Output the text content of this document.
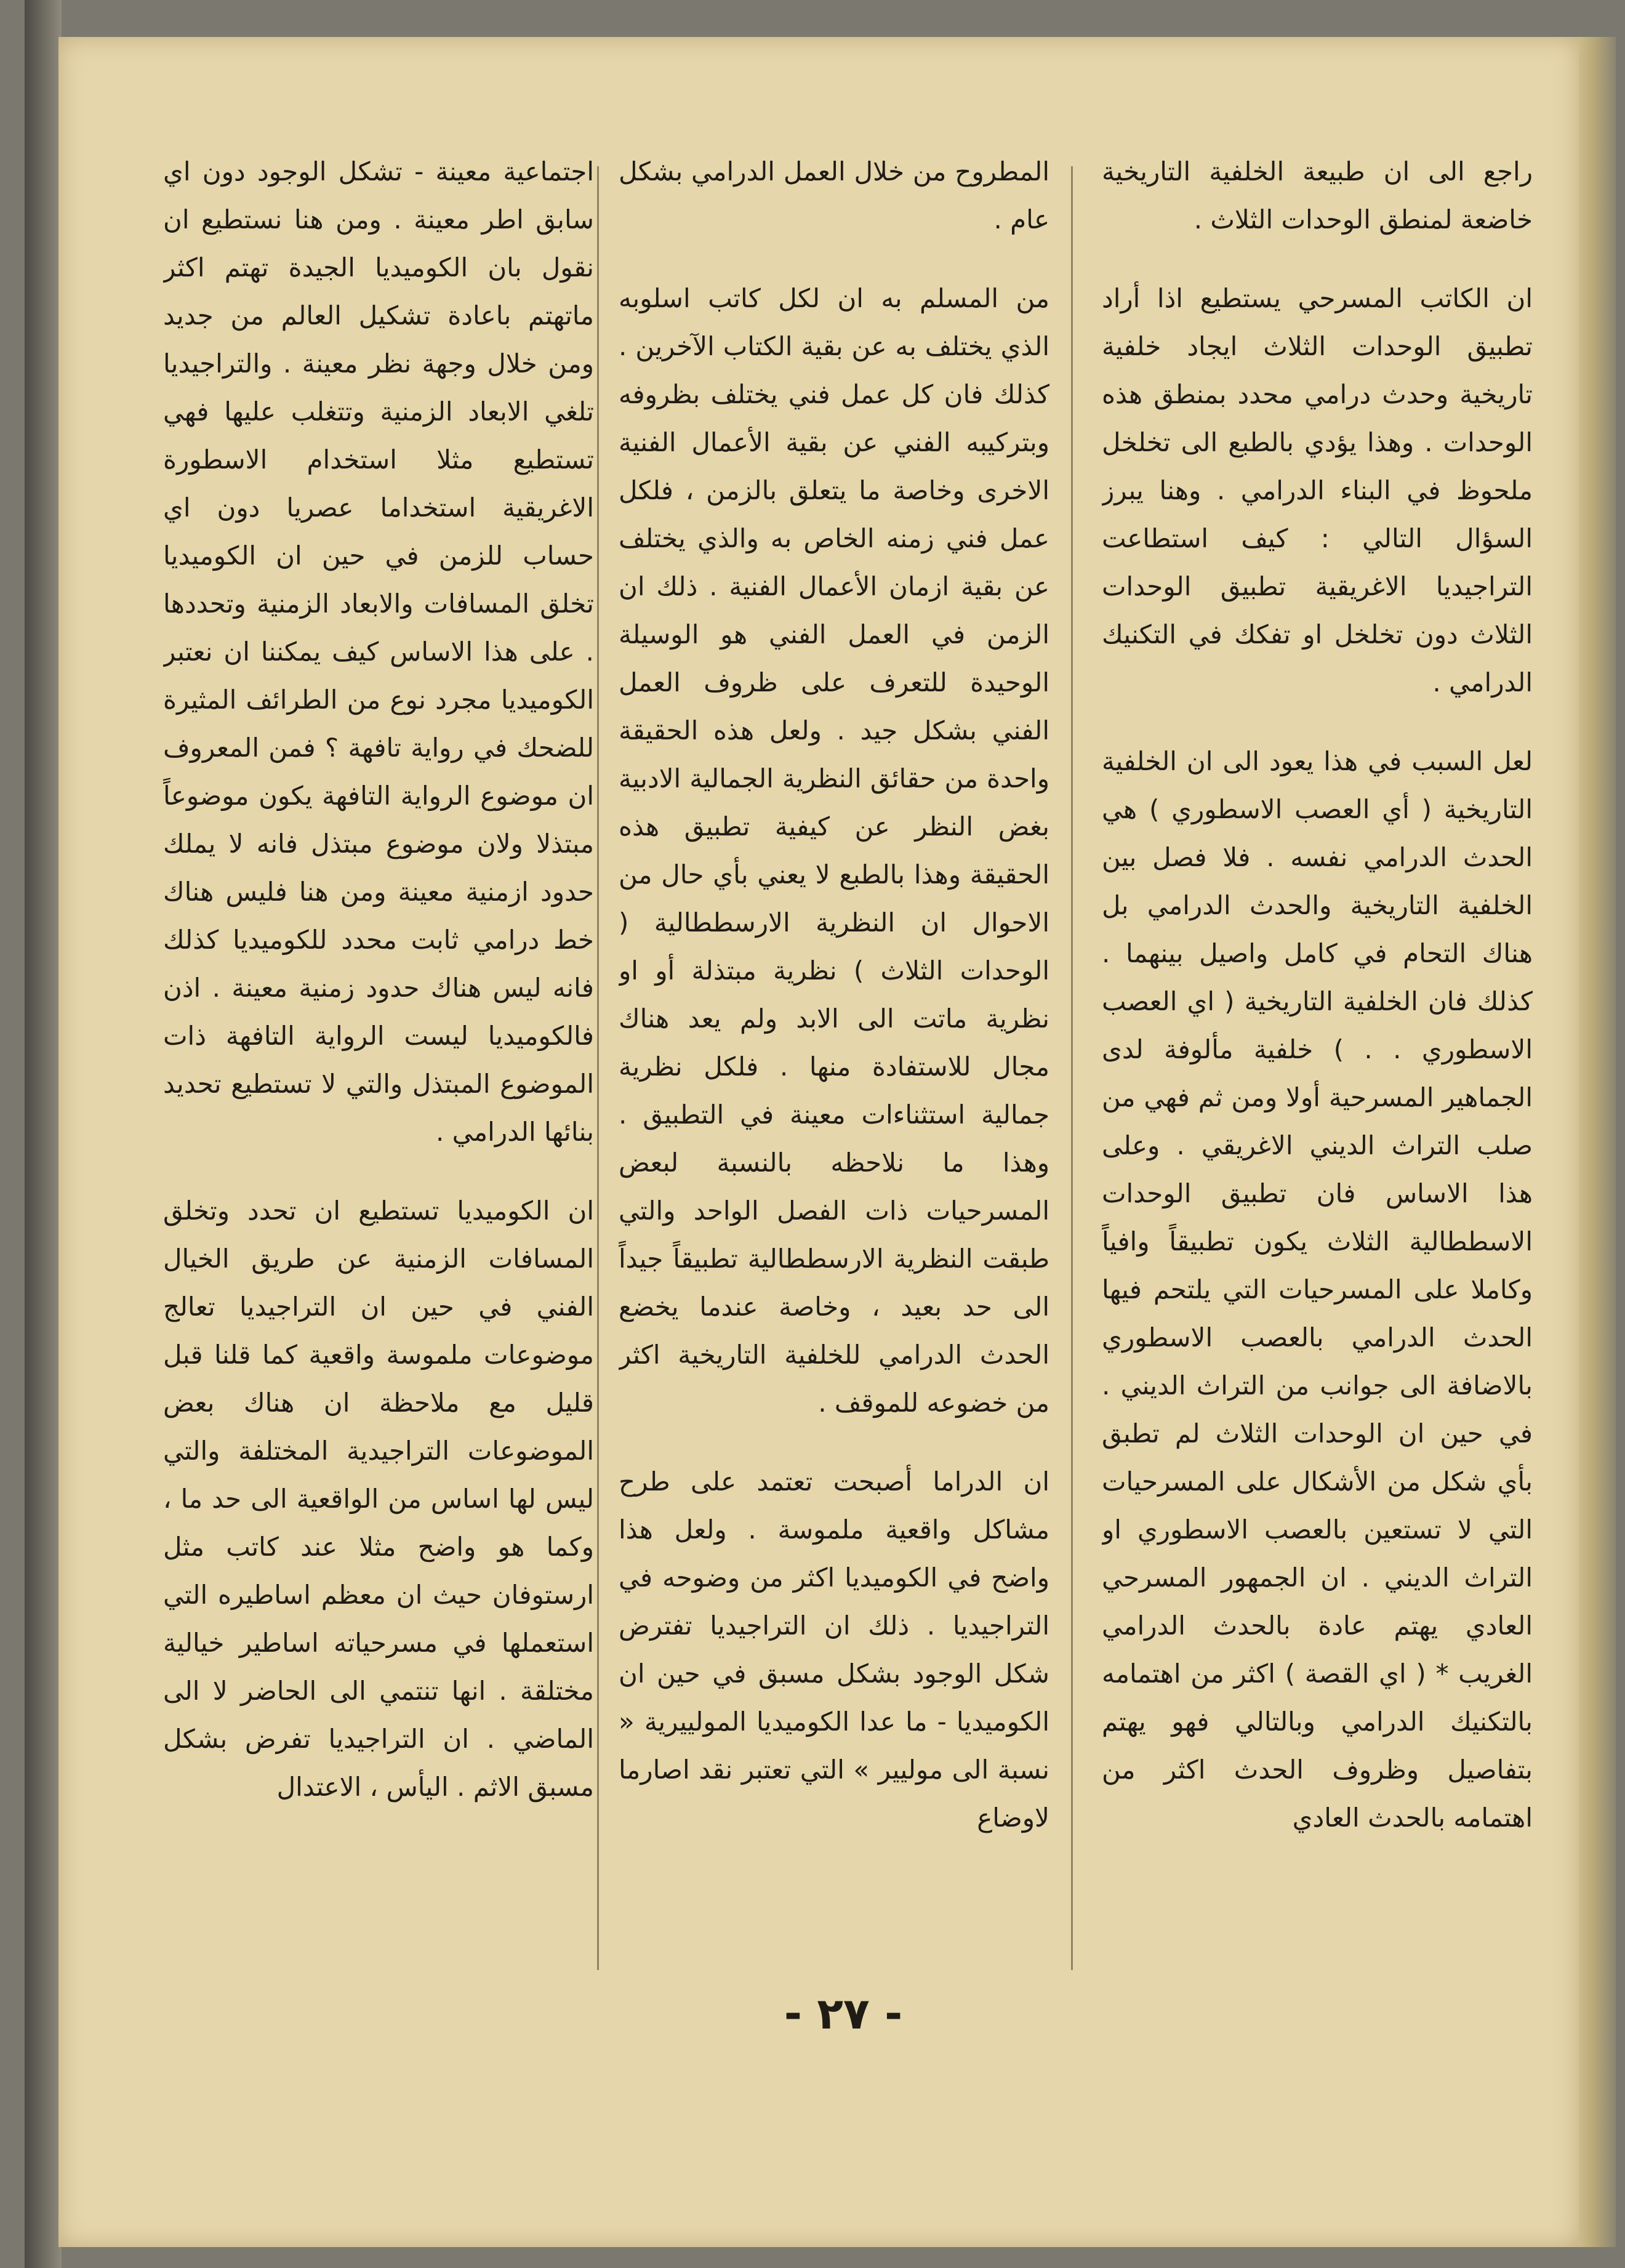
راجع الى ان طبيعة الخلفية التاريخية خاضعة لمنطق الوحدات الثلاث .

ان الكاتب المسرحي يستطيع اذا أراد تطبيق الوحدات الثلاث ايجاد خلفية تاريخية وحدث درامي محدد بمنطق هذه الوحدات . وهذا يؤدي بالطبع الى تخلخل ملحوظ في البناء الدرامي . وهنا يبرز السؤال التالي : كيف استطاعت التراجيديا الاغريقية تطبيق الوحدات الثلاث دون تخلخل او تفكك في التكنيك الدرامي .

لعل السبب في هذا يعود الى ان الخلفية التاريخية ( أي العصب الاسطوري ) هي الحدث الدرامي نفسه . فلا فصل بين الخلفية التاريخية والحدث الدرامي بل هناك التحام في كامل واصيل بينهما . كذلك فان الخلفية التاريخية ( اي العصب الاسطوري . . ) خلفية مألوفة لدى الجماهير المسرحية أولا ومن ثم فهي من صلب التراث الديني الاغريقي . وعلى هذا الاساس فان تطبيق الوحدات الاسططالية الثلاث يكون تطبيقاً وافياً وكاملا على المسرحيات التي يلتحم فيها الحدث الدرامي بالعصب الاسطوري بالاضافة الى جوانب من التراث الديني . في حين ان الوحدات الثلاث لم تطبق بأي شكل من الأشكال على المسرحيات التي لا تستعين بالعصب الاسطوري او التراث الديني . ان الجمهور المسرحي العادي يهتم عادة بالحدث الدرامي الغريب * ( اي القصة ) اكثر من اهتمامه بالتكنيك الدرامي وبالتالي فهو يهتم بتفاصيل وظروف الحدث اكثر من اهتمامه بالحدث العادي

المطروح من خلال العمل الدرامي بشكل عام .

من المسلم به ان لكل كاتب اسلوبه الذي يختلف به عن بقية الكتاب الآخرين . كذلك فان كل عمل فني يختلف بظروفه وبتركيبه الفني عن بقية الأعمال الفنية الاخرى وخاصة ما يتعلق بالزمن ، فلكل عمل فني زمنه الخاص به والذي يختلف عن بقية ازمان الأعمال الفنية . ذلك ان الزمن في العمل الفني هو الوسيلة الوحيدة للتعرف على ظروف العمل الفني بشكل جيد . ولعل هذه الحقيقة واحدة من حقائق النظرية الجمالية الادبية بغض النظر عن كيفية تطبيق هذه الحقيقة وهذا بالطبع لا يعني بأي حال من الاحوال ان النظرية الارسططالية ( الوحدات الثلاث ) نظرية مبتذلة أو او نظرية ماتت الى الابد ولم يعد هناك مجال للاستفادة منها . فلكل نظرية جمالية استثناءات معينة في التطبيق . وهذا ما نلاحظه بالنسبة لبعض المسرحيات ذات الفصل الواحد والتي طبقت النظرية الارسططالية تطبيقاً جيداً الى حد بعيد ، وخاصة عندما يخضع الحدث الدرامي للخلفية التاريخية اكثر من خضوعه للموقف .

ان الدراما أصبحت تعتمد على طرح مشاكل واقعية ملموسة . ولعل هذا واضح في الكوميديا اكثر من وضوحه في التراجيديا . ذلك ان التراجيديا تفترض شكل الوجود بشكل مسبق في حين ان الكوميديا - ما عدا الكوميديا المولييرية « نسبة الى موليير » التي تعتبر نقد اصارما لاوضاع

اجتماعية معينة - تشكل الوجود دون اي سابق اطر معينة . ومن هنا نستطيع ان نقول بان الكوميديا الجيدة تهتم اكثر ماتهتم باعادة تشكيل العالم من جديد ومن خلال وجهة نظر معينة . والتراجيديا تلغي الابعاد الزمنية وتتغلب عليها فهي تستطيع مثلا استخدام الاسطورة الاغريقية استخداما عصريا دون اي حساب للزمن في حين ان الكوميديا تخلق المسافات والابعاد الزمنية وتحددها . على هذا الاساس كيف يمكننا ان نعتبر الكوميديا مجرد نوع من الطرائف المثيرة للضحك في رواية تافهة ؟ فمن المعروف ان موضوع الرواية التافهة يكون موضوعاً مبتذلا ولان موضوع مبتذل فانه لا يملك حدود ازمنية معينة ومن هنا فليس هناك خط درامي ثابت محدد للكوميديا كذلك فانه ليس هناك حدود زمنية معينة . اذن فالكوميديا ليست الرواية التافهة ذات الموضوع المبتذل والتي لا تستطيع تحديد بنائها الدرامي .

ان الكوميديا تستطيع ان تحدد وتخلق المسافات الزمنية عن طريق الخيال الفني في حين ان التراجيديا تعالج موضوعات ملموسة واقعية كما قلنا قبل قليل مع ملاحظة ان هناك بعض الموضوعات التراجيدية المختلفة والتي ليس لها اساس من الواقعية الى حد ما ، وكما هو واضح مثلا عند كاتب مثل ارستوفان حيث ان معظم اساطيره التي استعملها في مسرحياته اساطير خيالية مختلقة . انها تنتمي الى الحاضر لا الى الماضي . ان التراجيديا تفرض بشكل مسبق الاثم . اليأس ، الاعتدال

- ٢٧ -
